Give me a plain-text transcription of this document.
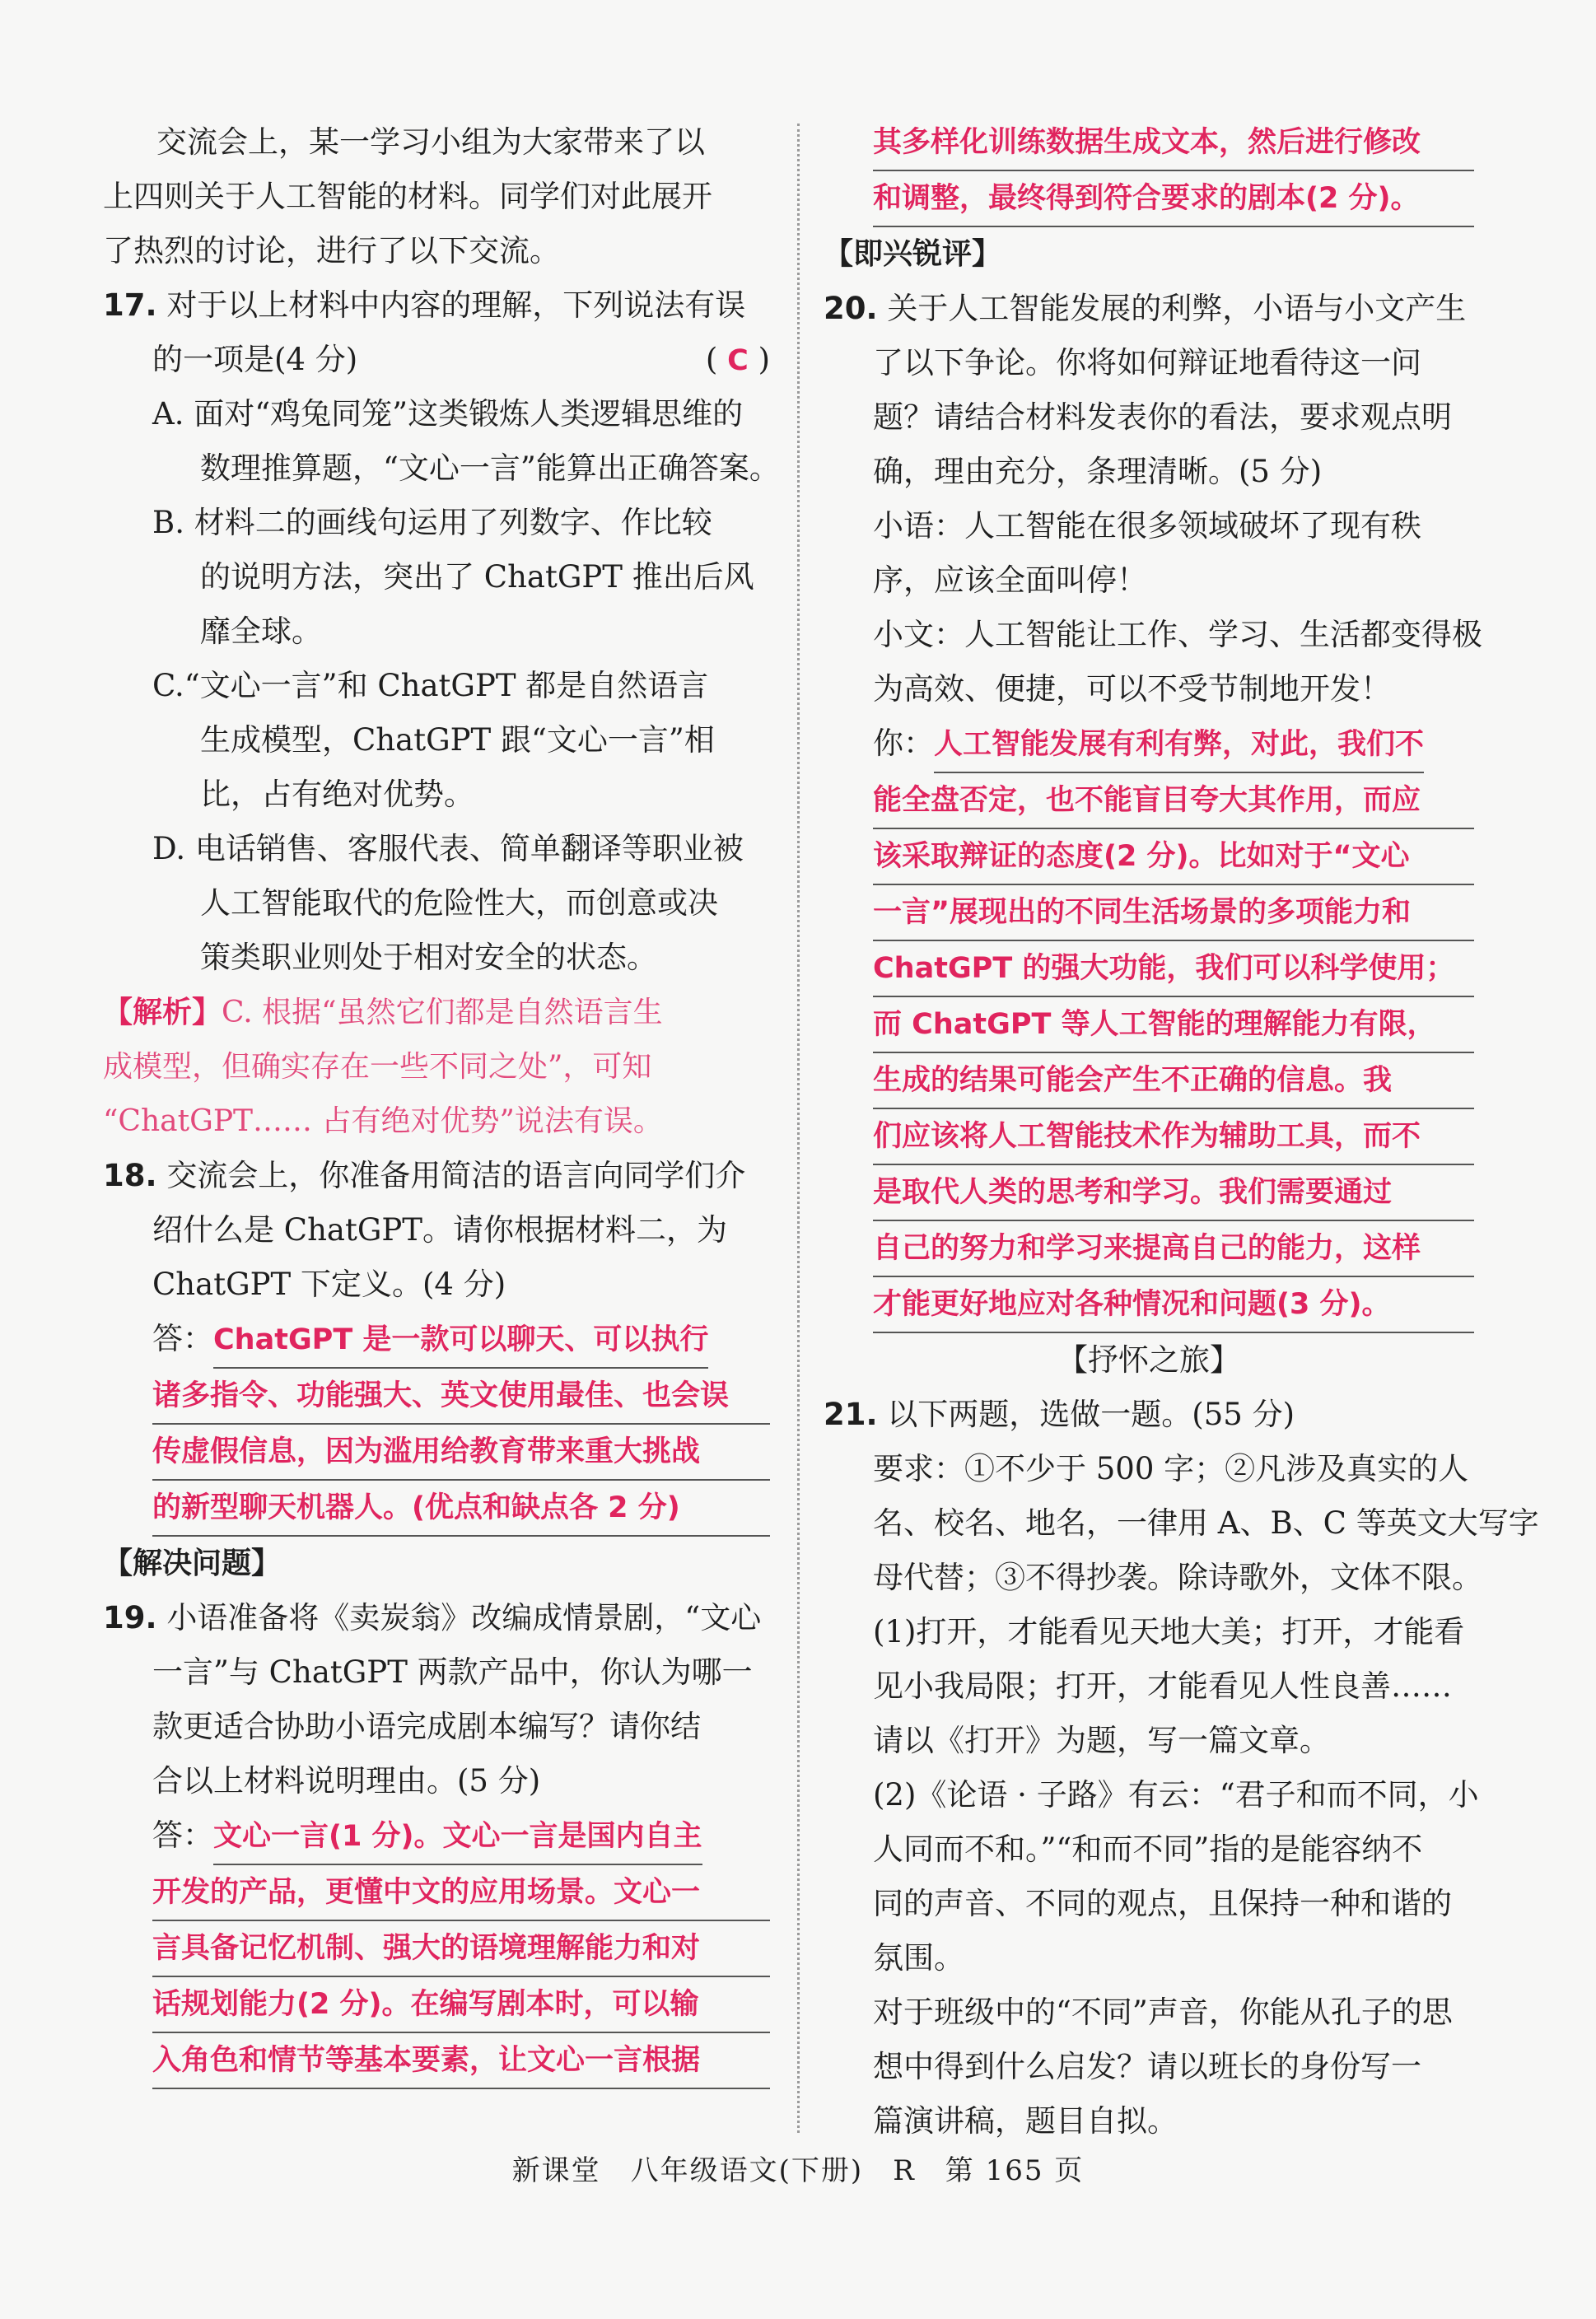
交流会上，某一学习小组为大家带来了以
上四则关于人工智能的材料。同学们对此展开
了热烈的讨论，进行了以下交流。
17. 对于以上材料中内容的理解，下列说法有误
的一项是(4 分)	( C )
A. 面对“鸡兔同笼”这类锻炼人类逻辑思维的
数理推算题，“文心一言”能算出正确答案。
B. 材料二的画线句运用了列数字、作比较
的说明方法，突出了 ChatGPT 推出后风
靡全球。
C.“文心一言”和 ChatGPT 都是自然语言
生成模型，ChatGPT 跟“文心一言”相
比，占有绝对优势。
D. 电话销售、客服代表、简单翻译等职业被
人工智能取代的危险性大，而创意或决
策类职业则处于相对安全的状态。
【解析】C. 根据“虽然它们都是自然语言生
成模型，但确实存在一些不同之处”，可知
“ChatGPT…… 占有绝对优势”说法有误。
18. 交流会上，你准备用简洁的语言向同学们介
绍什么是 ChatGPT。请你根据材料二，为
ChatGPT 下定义。(4 分)
答：ChatGPT 是一款可以聊天、可以执行
诸多指令、功能强大、英文使用最佳、也会误
传虚假信息，因为滥用给教育带来重大挑战
的新型聊天机器人。(优点和缺点各 2 分)
【解决问题】
19. 小语准备将《卖炭翁》改编成情景剧，“文心
一言”与 ChatGPT 两款产品中，你认为哪一
款更适合协助小语完成剧本编写？请你结
合以上材料说明理由。(5 分)
答：文心一言(1 分)。文心一言是国内自主
开发的产品，更懂中文的应用场景。文心一
言具备记忆机制、强大的语境理解能力和对
话规划能力(2 分)。在编写剧本时，可以输
入角色和情节等基本要素，让文心一言根据
其多样化训练数据生成文本，然后进行修改
和调整，最终得到符合要求的剧本(2 分)。
【即兴锐评】
20. 关于人工智能发展的利弊，小语与小文产生
了以下争论。你将如何辩证地看待这一问
题？请结合材料发表你的看法，要求观点明
确，理由充分，条理清晰。(5 分)
小语：人工智能在很多领域破坏了现有秩
序，应该全面叫停！
小文：人工智能让工作、学习、生活都变得极
为高效、便捷，可以不受节制地开发！
你：人工智能发展有利有弊，对此，我们不
能全盘否定，也不能盲目夸大其作用，而应
该采取辩证的态度(2 分)。比如对于“文心
一言”展现出的不同生活场景的多项能力和
ChatGPT 的强大功能，我们可以科学使用；
而 ChatGPT 等人工智能的理解能力有限，
生成的结果可能会产生不正确的信息。我
们应该将人工智能技术作为辅助工具，而不
是取代人类的思考和学习。我们需要通过
自己的努力和学习来提高自己的能力，这样
才能更好地应对各种情况和问题(3 分)。
【抒怀之旅】
21. 以下两题，选做一题。(55 分)
要求：①不少于 500 字；②凡涉及真实的人
名、校名、地名，一律用 A、B、C 等英文大写字
母代替；③不得抄袭。除诗歌外，文体不限。
(1)打开，才能看见天地大美；打开，才能看
见小我局限；打开，才能看见人性良善……
请以《打开》为题，写一篇文章。
(2)《论语 · 子路》有云：“君子和而不同，小
人同而不和。”“和而不同”指的是能容纳不
同的声音、不同的观点，且保持一种和谐的
氛围。
对于班级中的“不同”声音，你能从孔子的思
想中得到什么启发？请以班长的身份写一
篇演讲稿，题目自拟。
新课堂　八年级语文(下册)　R　第 165 页
